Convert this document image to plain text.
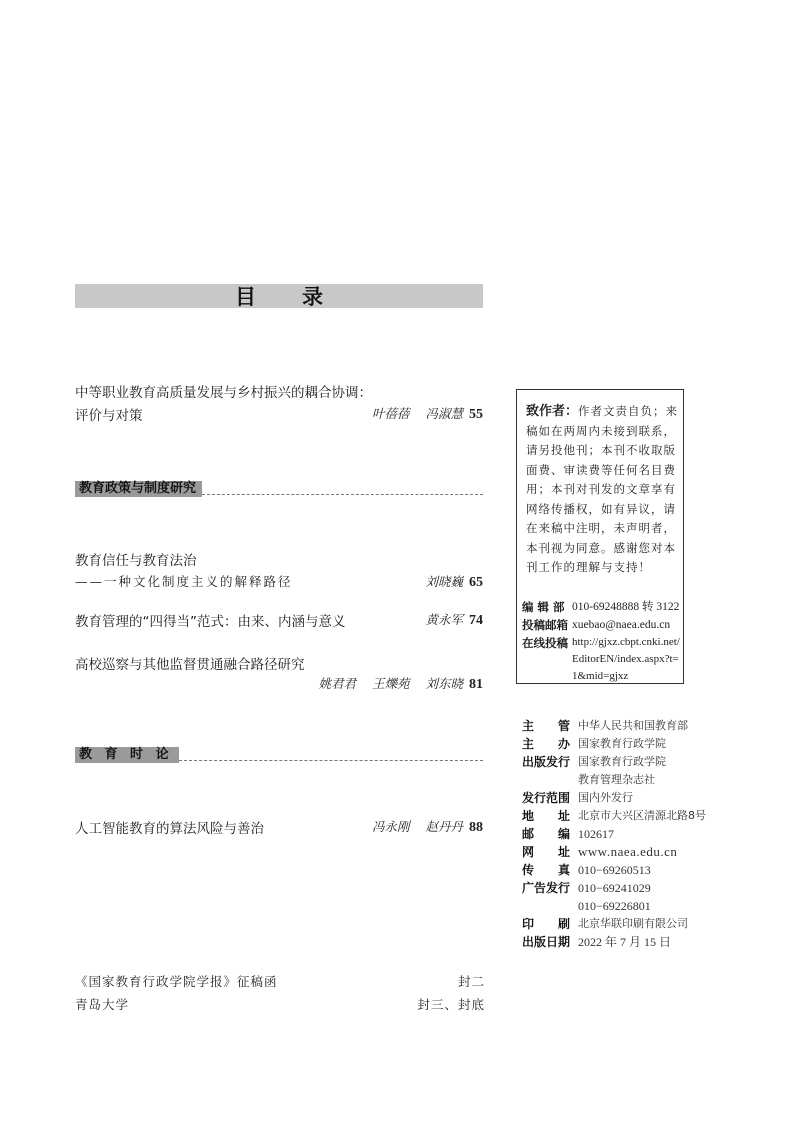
目 录
中等职业教育高质量发展与乡村振兴的耦合协调：
评价与对策	叶蓓蓓 冯淑慧 55
教育政策与制度研究
教育信任与教育法治
——一种文化制度主义的解释路径	刘晓巍 65
教育管理的“四得当”范式：由来、内涵与意义	黄永军 74
高校巡察与其他监督贯通融合路径研究
姚君君 王爍苑 刘东晓 81
教 育 时 论
人工智能教育的算法风险与善治	冯永刚 赵丹丹 88
《国家教育行政学院学报》征稿函	封二
青岛大学	封三、封底
致作者：作者文责自负；来稿如在两周内未接到联系，请另投他刊；本刊不收取版面费、审读费等任何名目费用；本刊对刊发的文章享有网络传播权，如有异议，请在来稿中注明，未声明者，本刊视为同意。感谢您对本刊工作的理解与支持！
编 辑 部 010-69248888 转 3122
投稿邮箱 xuebao@naea.edu.cn
在线投稿 http://gjxz.cbpt.cnki.net/EditorEN/index.aspx?t=1&mid=gjxz
主 管 中华人民共和国教育部
主 办 国家教育行政学院
出版发行 国家教育行政学院
教育管理杂志社
发行范围 国内外发行
地 址 北京市大兴区清源北路8号
邮 编 102617
网 址 www.naea.edu.cn
传 真 010−69260513
广告发行 010−69241029
010−69226801
印 刷 北京华联印刷有限公司
出版日期 2022 年 7 月 15 日
